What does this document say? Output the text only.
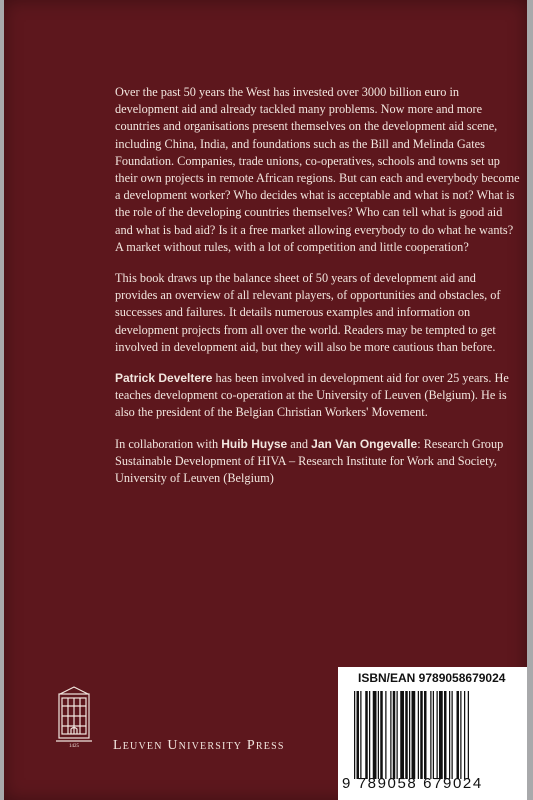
Over the past 50 years the West has invested over 3000 billion euro in development aid and already tackled many problems. Now more and more countries and organisations present themselves on the development aid scene, including China, India, and foundations such as the Bill and Melinda Gates Foundation. Companies, trade unions, co-operatives, schools and towns set up their own projects in remote African regions. But can each and everybody become a development worker? Who decides what is acceptable and what is not? What is the role of the developing countries themselves? Who can tell what is good aid and what is bad aid? Is it a free market allowing everybody to do what he wants? A market without rules, with a lot of competition and little cooperation?

This book draws up the balance sheet of 50 years of development aid and provides an overview of all relevant players, of opportunities and obstacles, of successes and failures. It details numerous examples and information on development projects from all over the world. Readers may be tempted to get involved in development aid, but they will also be more cautious than before.

Patrick Develtere has been involved in development aid for over 25 years. He teaches development co-operation at the University of Leuven (Belgium). He is also the president of the Belgian Christian Workers' Movement.

In collaboration with Huib Huyse and Jan Van Ongevalle: Research Group Sustainable Development of HIVA – Research Institute for Work and Society, University of Leuven (Belgium)

1425 Leuven University Press
ISBN/EAN 9789058679024
9 789058 679024
